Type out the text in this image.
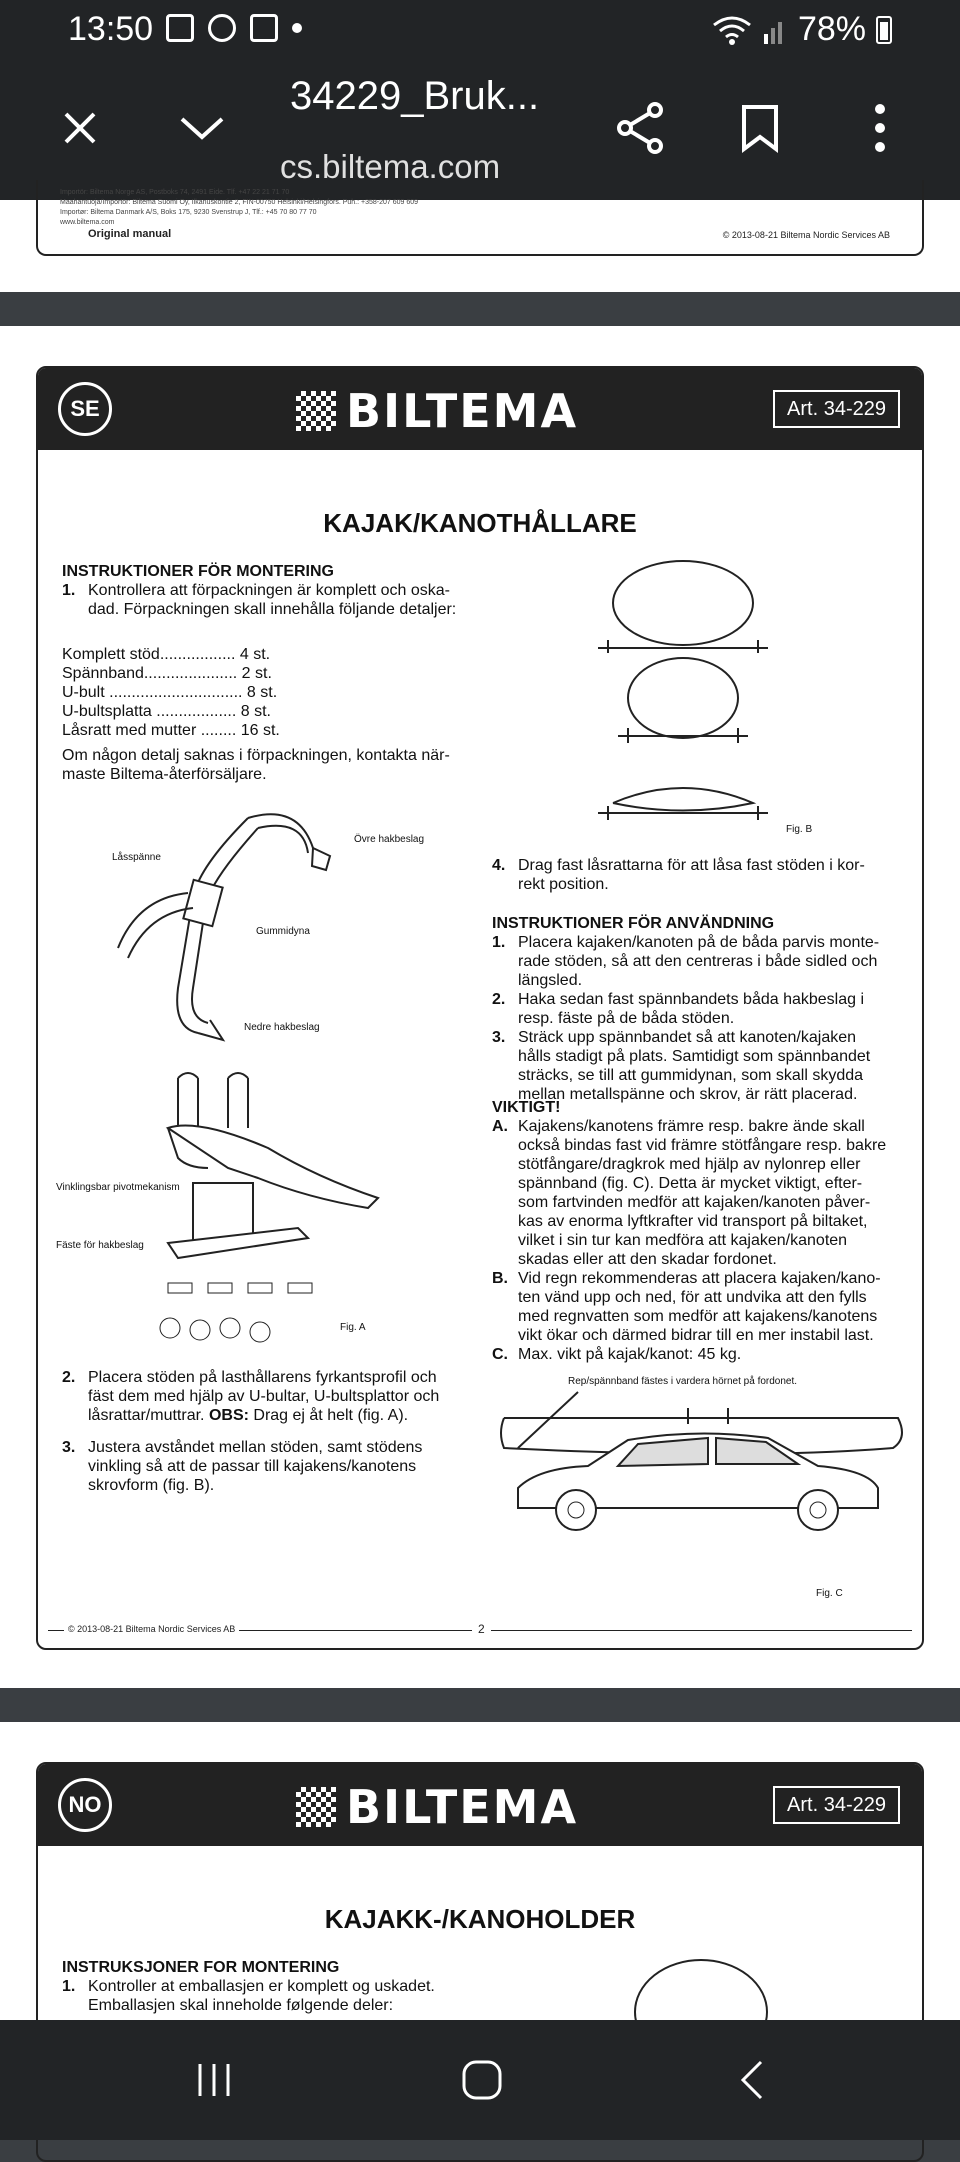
13:50	78%
34229_Bruk...
cs.biltema.com
Importör: Biltema Norge AS, Postboks 74, 2491 Eide. Tlf. +47 22 21 71 70
Maahantuoja/Importör: Biltema Suomi Oy, Ilkanuskontie 2, FIN-00750 Helsinki/Helsingfors. Puh.: +358-207 609 609
Importør: Biltema Danmark A/S, Boks 175, 9230 Svenstrup J, Tlf.: +45 70 80 77 70
www.biltema.com
Original manual	© 2013-08-21 Biltema Nordic Services AB
SE	BILTEMA	Art. 34-229
KAJAK/KANOTHÅLLARE
INSTRUKTIONER FÖR MONTERING
1. Kontrollera att förpackningen är komplett och oska-
dad. Förpackningen skall innehålla följande detaljer:
Komplett stöd................. 4 st.
Spännband..................... 2 st.
U-bult .............................. 8 st.
U-bultsplatta .................. 8 st.
Låsratt med mutter ........ 16 st.
Om någon detalj saknas i förpackningen, kontakta när-
maste Biltema-återförsäljare.
Låsspänne
Övre hakbeslag
Gummidyna
Nedre hakbeslag
Vinklingsbar pivotmekanism
Fäste för hakbeslag
Fig. A
2. Placera stöden på lasthållarens fyrkantsprofil och
fäst dem med hjälp av U-bultar, U-bultsplattor och
låsrattar/muttrar. OBS: Drag ej åt helt (fig. A).
3. Justera avståndet mellan stöden, samt stödens
vinkling så att de passar till kajakens/kanotens
skrovform (fig. B).
Fig. B
4. Drag fast låsrattarna för att låsa fast stöden i kor-
rekt position.
INSTRUKTIONER FÖR ANVÄNDNING
1. Placera kajaken/kanoten på de båda parvis monte-
rade stöden, så att den centreras i både sidled och
längsled.
2. Haka sedan fast spännbandets båda hakbeslag i
resp. fäste på de båda stöden.
3. Sträck upp spännbandet så att kanoten/kajaken
hålls stadigt på plats. Samtidigt som spännbandet
sträcks, se till att gummidynan, som skall skydda
mellan metallspänne och skrov, är rätt placerad.
VIKTIGT!
A. Kajakens/kanotens främre resp. bakre ände skall
också bindas fast vid främre stötfångare resp. bakre
stötfångare/dragkrok med hjälp av nylonrep eller
spännband (fig. C). Detta är mycket viktigt, efter-
som fartvinden medför att kajaken/kanoten påver-
kas av enorma lyftkrafter vid transport på biltaket,
vilket i sin tur kan medföra att kajaken/kanoten
skadas eller att den skadar fordonet.
B. Vid regn rekommenderas att placera kajaken/kano-
ten vänd upp och ned, för att undvika att den fylls
med regnvatten som medför att kajakens/kanotens
vikt ökar och därmed bidrar till en mer instabil last.
C. Max. vikt på kajak/kanot: 45 kg.
Rep/spännband fästes i vardera hörnet på fordonet.
Fig. C
© 2013-08-21 Biltema Nordic Services AB	2
NO	BILTEMA	Art. 34-229
KAJAKK-/KANOHOLDER
INSTRUKSJONER FOR MONTERING
1. Kontroller at emballasjen er komplett og uskadet.
Emballasjen skal inneholde følgende deler:
